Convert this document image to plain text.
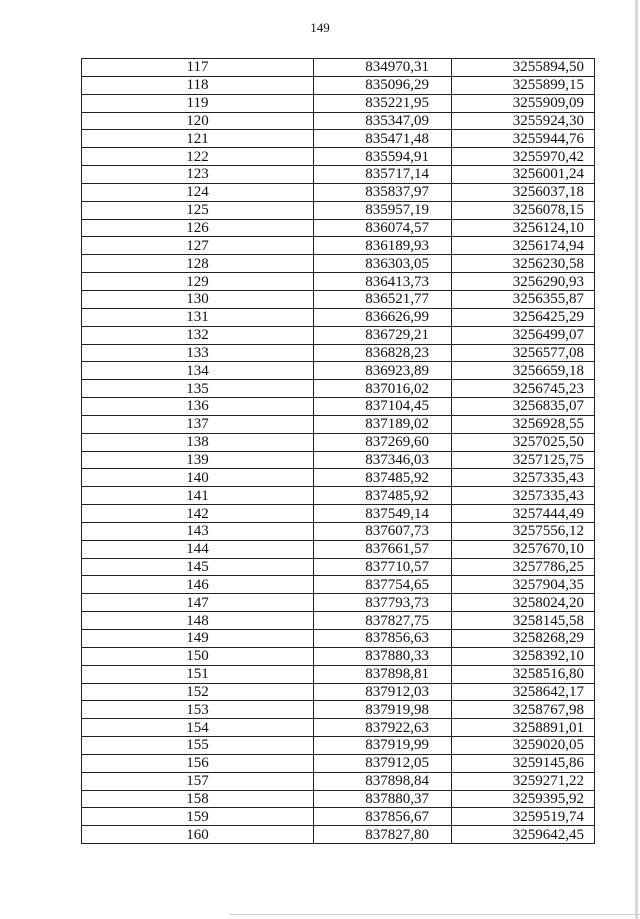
149
117	834970,31	3255894,50
118	835096,29	3255899,15
119	835221,95	3255909,09
120	835347,09	3255924,30
121	835471,48	3255944,76
122	835594,91	3255970,42
123	835717,14	3256001,24
124	835837,97	3256037,18
125	835957,19	3256078,15
126	836074,57	3256124,10
127	836189,93	3256174,94
128	836303,05	3256230,58
129	836413,73	3256290,93
130	836521,77	3256355,87
131	836626,99	3256425,29
132	836729,21	3256499,07
133	836828,23	3256577,08
134	836923,89	3256659,18
135	837016,02	3256745,23
136	837104,45	3256835,07
137	837189,02	3256928,55
138	837269,60	3257025,50
139	837346,03	3257125,75
140	837485,92	3257335,43
141	837485,92	3257335,43
142	837549,14	3257444,49
143	837607,73	3257556,12
144	837661,57	3257670,10
145	837710,57	3257786,25
146	837754,65	3257904,35
147	837793,73	3258024,20
148	837827,75	3258145,58
149	837856,63	3258268,29
150	837880,33	3258392,10
151	837898,81	3258516,80
152	837912,03	3258642,17
153	837919,98	3258767,98
154	837922,63	3258891,01
155	837919,99	3259020,05
156	837912,05	3259145,86
157	837898,84	3259271,22
158	837880,37	3259395,92
159	837856,67	3259519,74
160	837827,80	3259642,45
